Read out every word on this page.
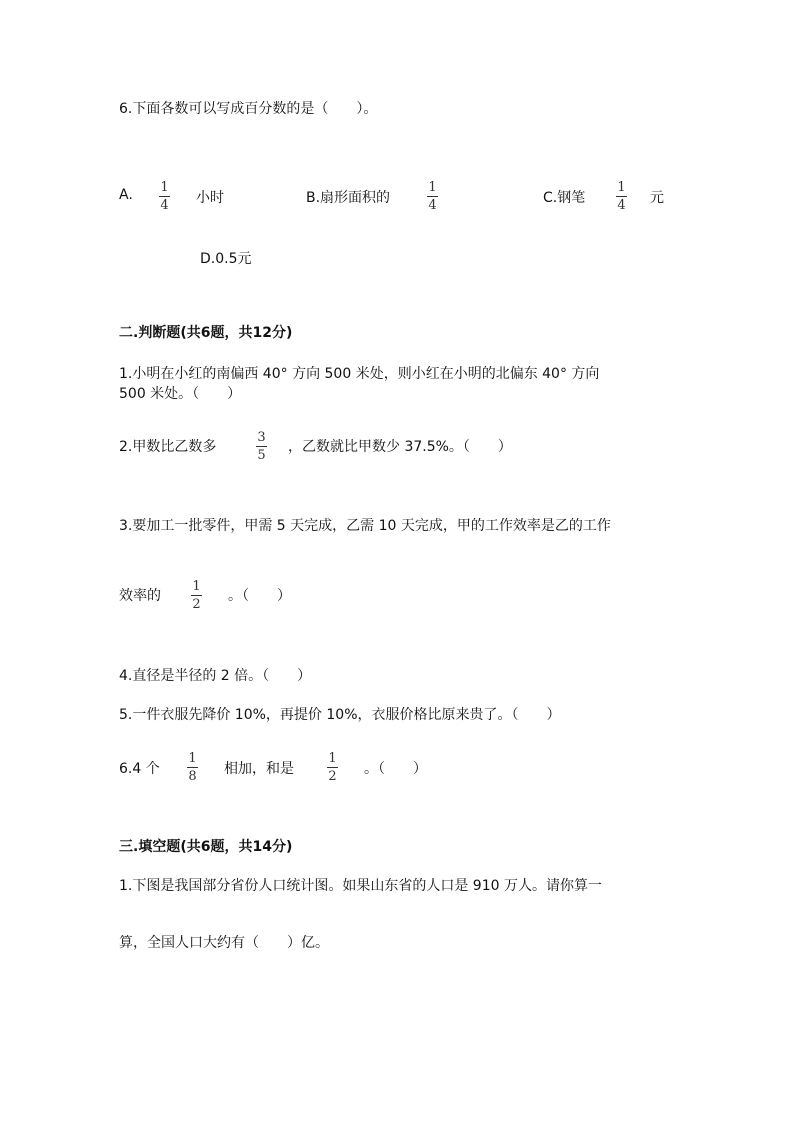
6.下面各数可以写成百分数的是（　　）。
A. 1
4 小时	B.扇形面积的
1
4	C.钢笔
1
4 元
D.0.5元
二.判断题(共6题，共12分)
1.小明在小红的南偏西 40° 方向 500 米处，则小红在小明的北偏东 40° 方向
500 米处。（　　）
2.甲数比乙数多
3
5
，乙数就比甲数少 37.5%。（　　）
3.要加工一批零件，甲需 5 天完成，乙需 10 天完成，甲的工作效率是乙的工作
效率的
1
2
。（　　）
4.直径是半径的 2 倍。（　　）
5.一件衣服先降价 10%，再提价 10%，衣服价格比原来贵了。（　　）
6.4 个
1
8 相加，和是
1
2 。（　　）
三.填空题(共6题，共14分)
1.下图是我国部分省份人口统计图。如果山东省的人口是 910 万人。请你算一
算，全国人口大约有（　　）亿。
